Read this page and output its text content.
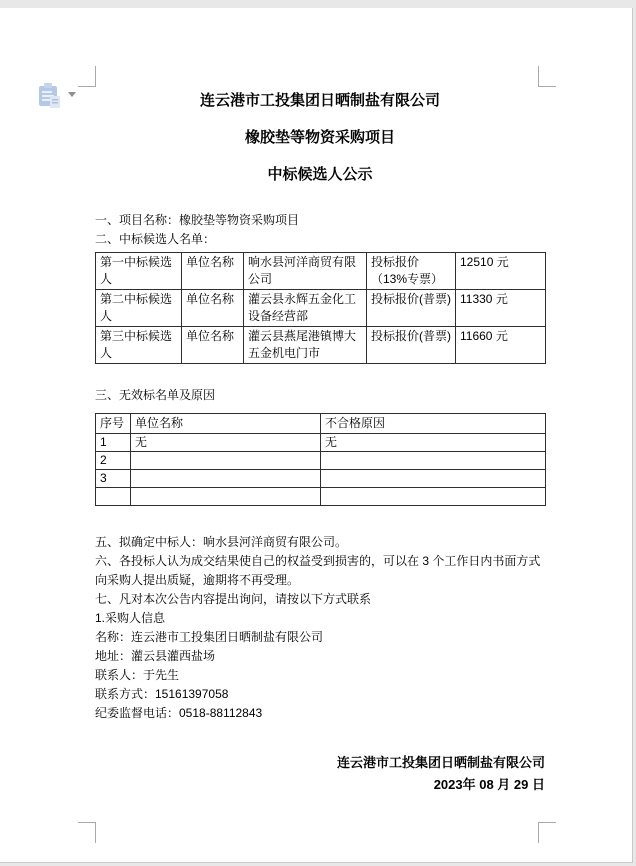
连云港市工投集团日晒制盐有限公司
橡胶垫等物资采购项目
中标候选人公示
一、项目名称：橡胶垫等物资采购项目
二、中标候选人名单：
第一中标候选人	单位名称	响水县河洋商贸有限公司	投标报价（13%专票）	12510 元
第二中标候选人	单位名称	灌云县永辉五金化工设备经营部	投标报价(普票)	11330 元
第三中标候选人	单位名称	灌云县燕尾港镇博大五金机电门市	投标报价(普票)	11660 元
三、无效标名单及原因
序号	单位名称	不合格原因
1	无	无
2		
3		

五、拟确定中标人：响水县河洋商贸有限公司。
六、各投标人认为成交结果使自己的权益受到损害的，可以在 3 个工作日内书面方式向采购人提出质疑，逾期将不再受理。
七、凡对本次公告内容提出询问，请按以下方式联系
1.采购人信息
名称：连云港市工投集团日晒制盐有限公司
地址：灌云县灌西盐场
联系人：于先生
联系方式：15161397058
纪委监督电话：0518-88112843
连云港市工投集团日晒制盐有限公司
2023年 08 月 29 日
